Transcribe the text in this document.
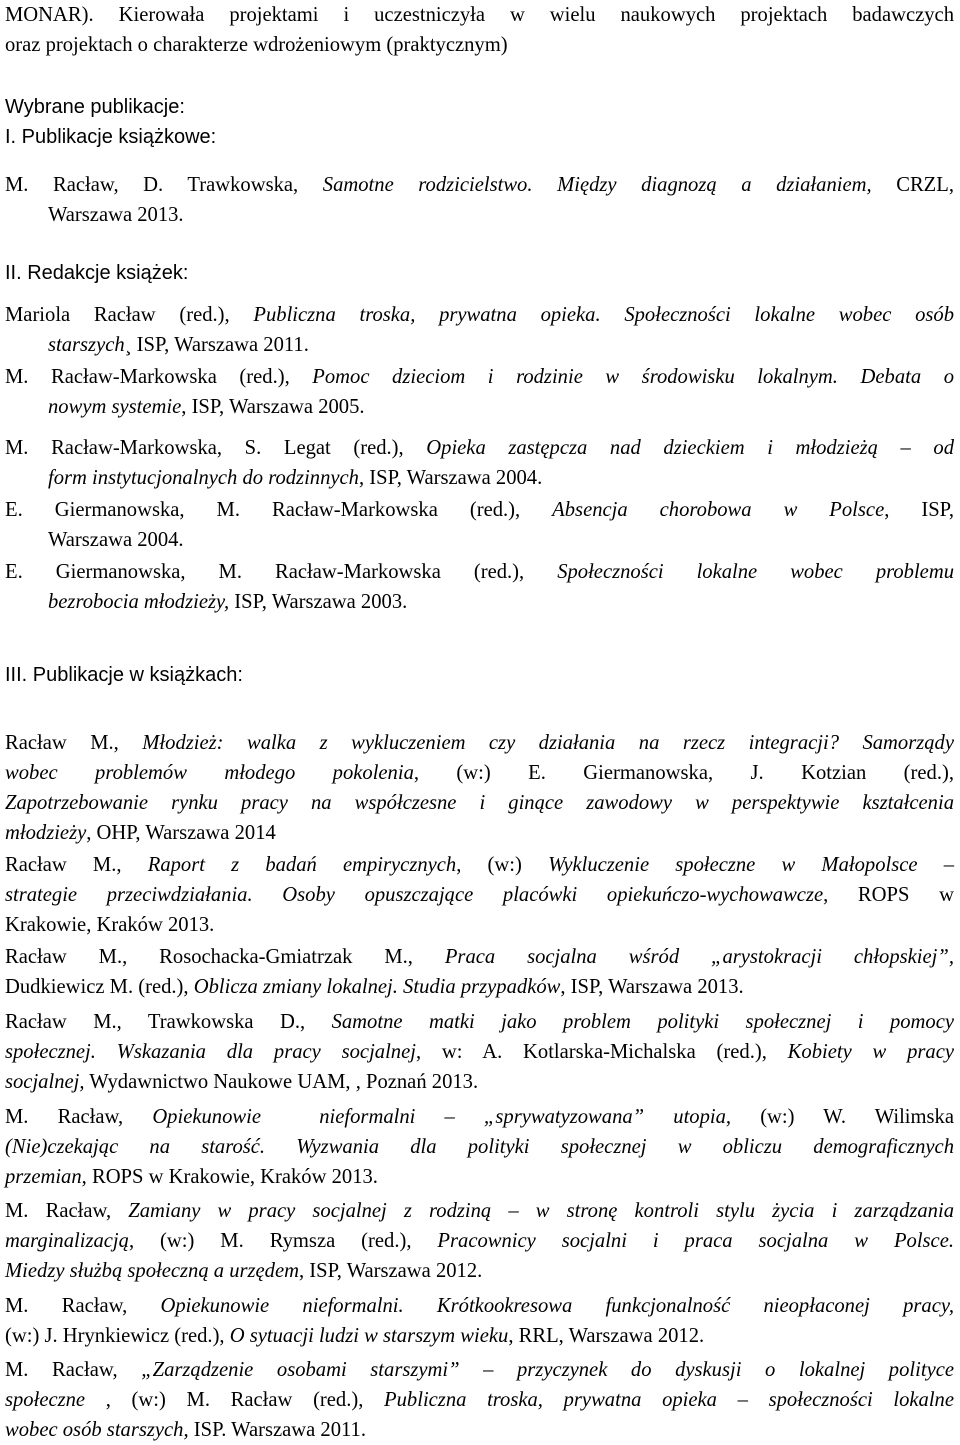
MONAR). Kierowała projektami i uczestniczyła w wielu naukowych projektach badawczych
oraz projektach o charakterze wdrożeniowym (praktycznym)
M. Racław, D. Trawkowska, Samotne rodzicielstwo. Między diagnozą a działaniem, CRZL,
Warszawa 2013.
Mariola Racław (red.), Publiczna troska, prywatna opieka. Społeczności lokalne wobec osób
starszych¸ ISP, Warszawa 2011.
M. Racław-Markowska (red.), Pomoc dzieciom i rodzinie w środowisku lokalnym. Debata o
nowym systemie, ISP, Warszawa 2005.
M. Racław-Markowska, S. Legat (red.), Opieka zastępcza nad dzieckiem i młodzieżą – od
form instytucjonalnych do rodzinnych, ISP, Warszawa 2004.
E. Giermanowska, M. Racław-Markowska (red.), Absencja chorobowa w Polsce, ISP,
Warszawa 2004.
E. Giermanowska, M. Racław-Markowska (red.), Społeczności lokalne wobec problemu
bezrobocia młodzieży, ISP, Warszawa 2003.
Racław M., Młodzież: walka z wykluczeniem czy działania na rzecz integracji? Samorządy
wobec problemów młodego pokolenia, (w:) E. Giermanowska, J. Kotzian (red.),
Zapotrzebowanie rynku pracy na współczesne i ginące zawodowy w perspektywie kształcenia
młodzieży, OHP, Warszawa 2014
Racław M., Raport z badań empirycznych, (w:) Wykluczenie społeczne w Małopolsce –
strategie przeciwdziałania. Osoby opuszczające placówki opiekuńczo-wychowawcze, ROPS w
Krakowie, Kraków 2013.
Racław M., Rosochacka-Gmiatrzak M., Praca socjalna wśród „arystokracji chłopskiej”,
Dudkiewicz M. (red.), Oblicza zmiany lokalnej. Studia przypadków, ISP, Warszawa 2013.
Racław M., Trawkowska D., Samotne matki jako problem polityki społecznej i pomocy
społecznej. Wskazania dla pracy socjalnej, w: A. Kotlarska-Michalska (red.), Kobiety w pracy
socjalnej, Wydawnictwo Naukowe UAM, , Poznań 2013.
M. Racław, Opiekunowie  nieformalni – „sprywatyzowana” utopia, (w:) W. Wilimska
(Nie)czekając na starość. Wyzwania dla polityki społecznej w obliczu demograficznych
przemian, ROPS w Krakowie, Kraków 2013.
M. Racław, Zamiany w pracy socjalnej z rodziną – w stronę kontroli stylu życia i zarządzania
marginalizacją, (w:) M. Rymsza (red.), Pracownicy socjalni i praca socjalna w Polsce.
Miedzy służbą społeczną a urzędem, ISP, Warszawa 2012.
M. Racław, Opiekunowie nieformalni. Krótkookresowa funkcjonalność nieopłaconej pracy,
(w:) J. Hrynkiewicz (red.), O sytuacji ludzi w starszym wieku, RRL, Warszawa 2012.
M. Racław, „Zarządzenie osobami starszymi” – przyczynek do dyskusji o lokalnej polityce
społeczne , (w:) M. Racław (red.), Publiczna troska, prywatna opieka – społeczności lokalne
wobec osób starszych, ISP. Warszawa 2011.
Wybrane publikacje:
I. Publikacje książkowe:
II. Redakcje książek:
III. Publikacje w książkach:
